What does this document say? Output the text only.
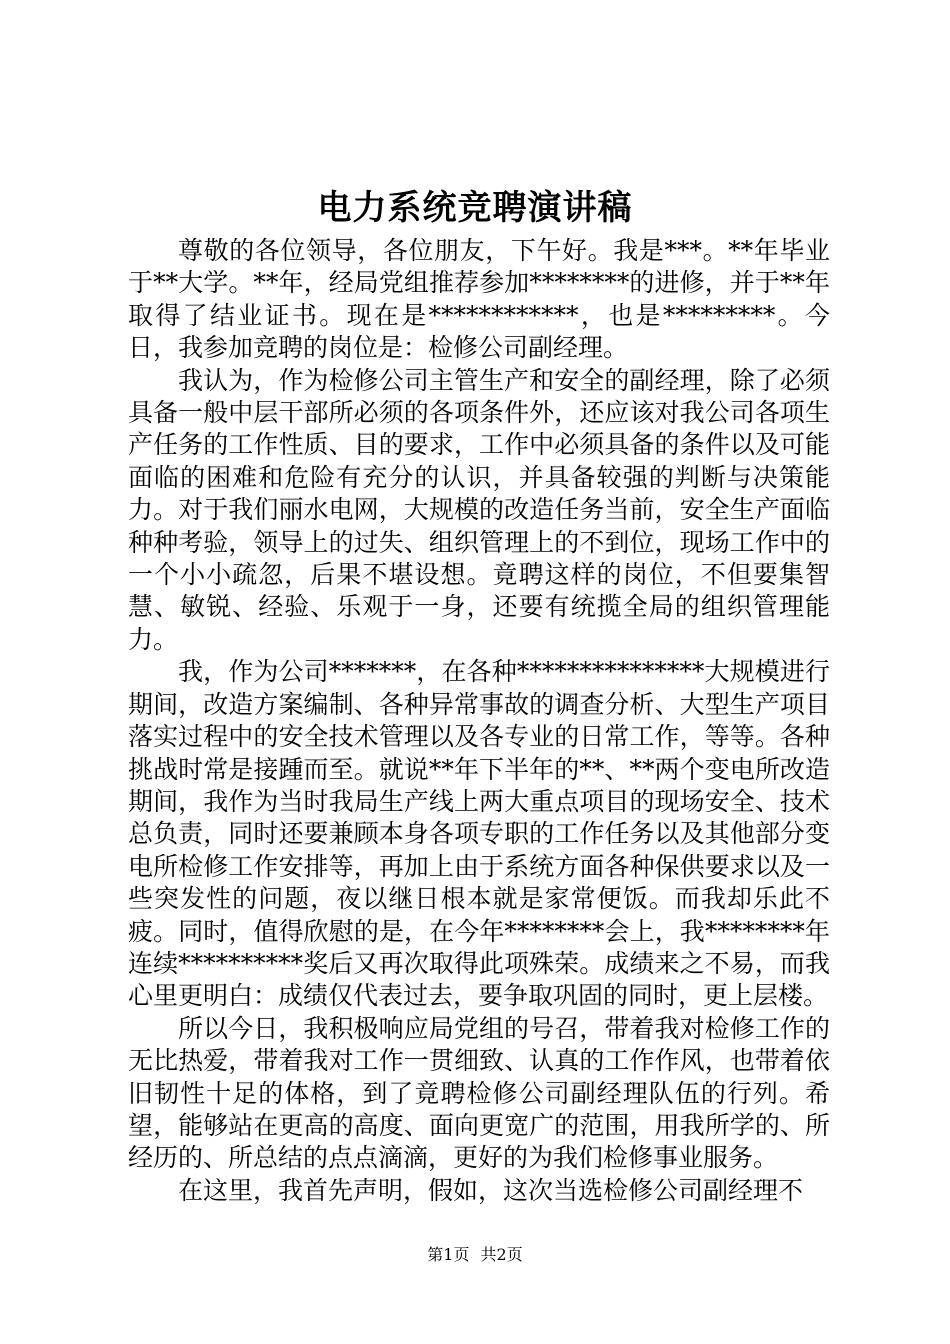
电力系统竞聘演讲稿

尊敬的各位领导，各位朋友，下午好。我是***。**年毕业于**大学。**年，经局党组推荐参加********的进修，并于**年取得了结业证书。现在是************，也是*********。今日，我参加竞聘的岗位是：检修公司副经理。

我认为，作为检修公司主管生产和安全的副经理，除了必须具备一般中层干部所必须的各项条件外，还应该对我公司各项生产任务的工作性质、目的要求，工作中必须具备的条件以及可能面临的困难和危险有充分的认识，并具备较强的判断与决策能力。对于我们丽水电网，大规模的改造任务当前，安全生产面临种种考验，领导上的过失、组织管理上的不到位，现场工作中的一个小小疏忽，后果不堪设想。竟聘这样的岗位，不但要集智慧、敏锐、经验、乐观于一身，还要有统揽全局的组织管理能力。

我，作为公司*******，在各种***************大规模进行期间，改造方案编制、各种异常事故的调查分析、大型生产项目落实过程中的安全技术管理以及各专业的日常工作，等等。各种挑战时常是接踵而至。就说**年下半年的**、**两个变电所改造期间，我作为当时我局生产线上两大重点项目的现场安全、技术总负责，同时还要兼顾本身各项专职的工作任务以及其他部分变电所检修工作安排等，再加上由于系统方面各种保供要求以及一些突发性的问题，夜以继日根本就是家常便饭。而我却乐此不疲。同时，值得欣慰的是，在今年********会上，我********年连续**********奖后又再次取得此项殊荣。成绩来之不易，而我心里更明白：成绩仅代表过去，要争取巩固的同时，更上层楼。

所以今日，我积极响应局党组的号召，带着我对检修工作的无比热爱，带着我对工作一贯细致、认真的工作作风，也带着依旧韧性十足的体格，到了竟聘检修公司副经理队伍的行列。希望，能够站在更高的高度、面向更宽广的范围，用我所学的、所经历的、所总结的点点滴滴，更好的为我们检修事业服务。

在这里，我首先声明，假如，这次当选检修公司副经理不

第1页 共2页
